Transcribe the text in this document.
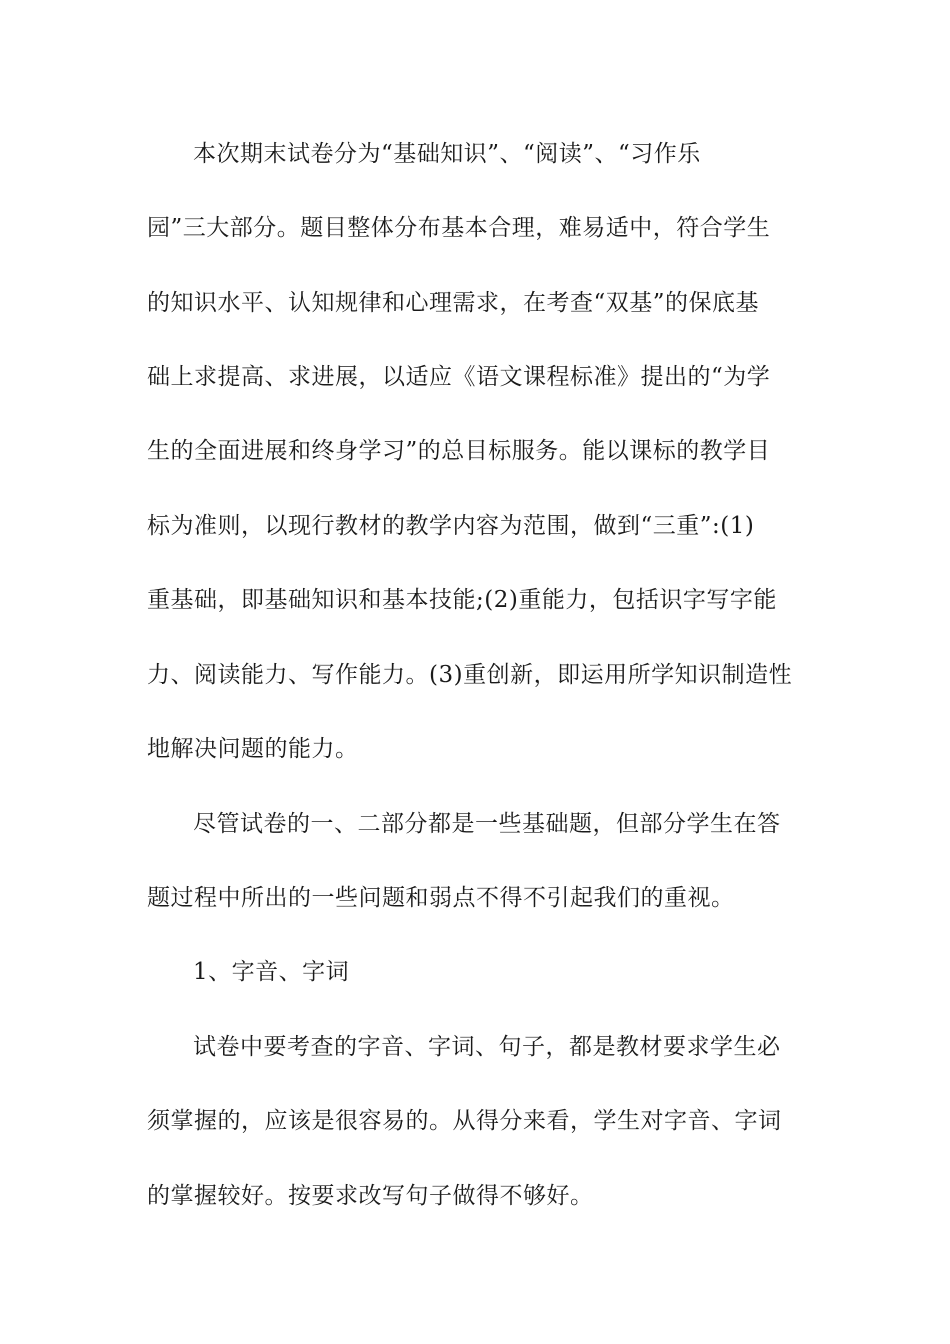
本次期末试卷分为“基础知识”、“阅读”、“习作乐
园”三大部分。题目整体分布基本合理，难易适中，符合学生
的知识水平、认知规律和心理需求，在考查“双基”的保底基
础上求提高、求进展，以适应《语文课程标准》提出的“为学
生的全面进展和终身学习”的总目标服务。能以课标的教学目
标为准则，以现行教材的教学内容为范围，做到“三重”:(1)
重基础，即基础知识和基本技能;(2)重能力，包括识字写字能
力、阅读能力、写作能力。(3)重创新，即运用所学知识制造性
地解决问题的能力。
尽管试卷的一、二部分都是一些基础题，但部分学生在答
题过程中所出的一些问题和弱点不得不引起我们的重视。
1、字音、字词
试卷中要考查的字音、字词、句子，都是教材要求学生必
须掌握的，应该是很容易的。从得分来看，学生对字音、字词
的掌握较好。按要求改写句子做得不够好。
